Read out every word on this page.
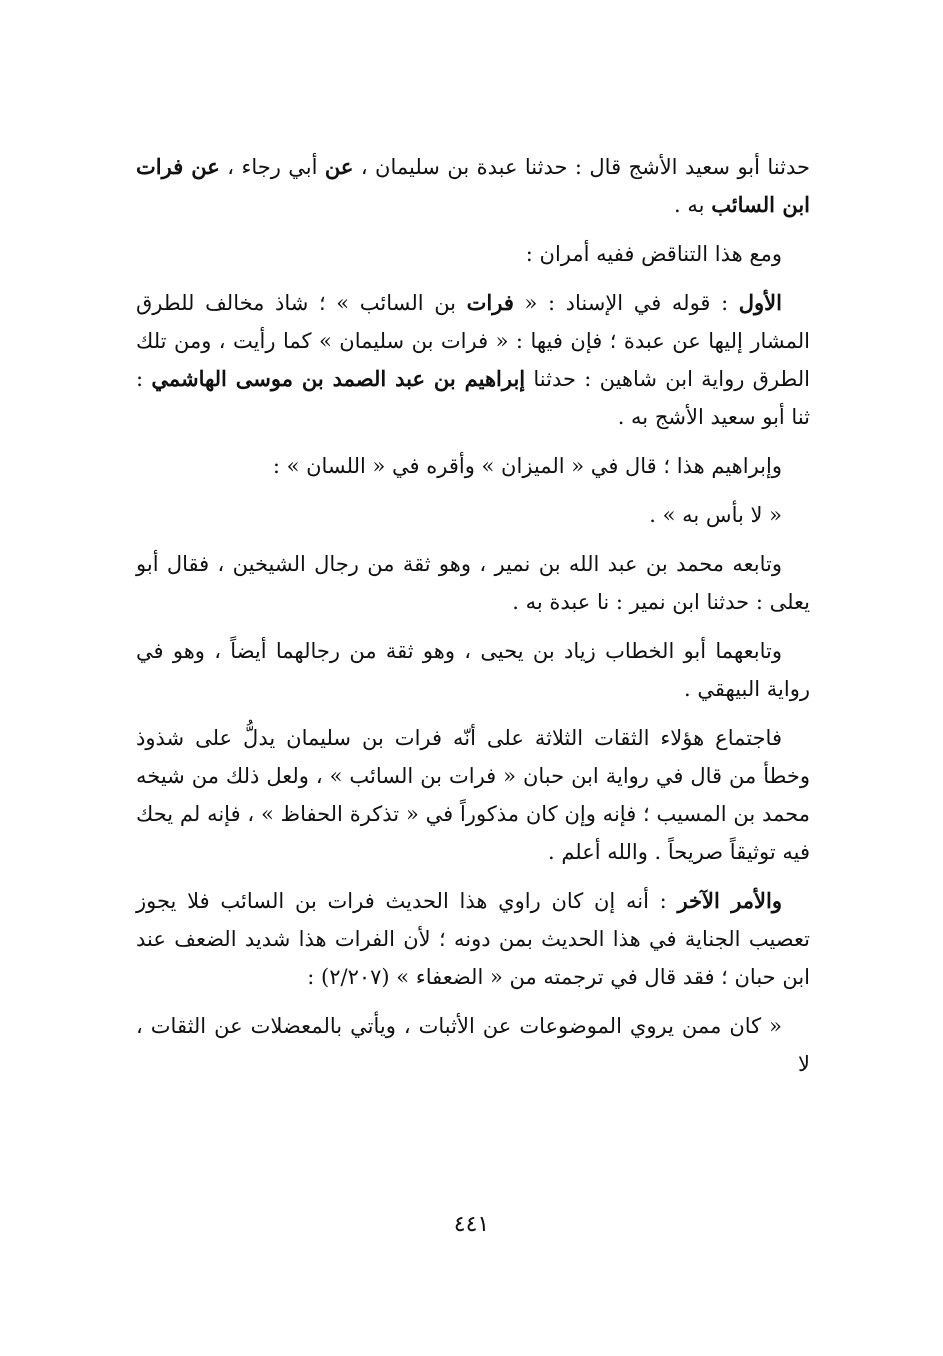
حدثنا أبو سعيد الأشج قال : حدثنا عبدة بن سليمان ، عن أبي رجاء ، عن فرات ابن السائب به .

ومع هذا التناقض ففيه أمران :

الأول : قوله في الإسناد : « فرات بن السائب » ؛ شاذ مخالف للطرق المشار إليها عن عبدة ؛ فإن فيها : « فرات بن سليمان » كما رأيت ، ومن تلك الطرق رواية ابن شاهين : حدثنا إبراهيم بن عبد الصمد بن موسى الهاشمي : ثنا أبو سعيد الأشج به .

وإبراهيم هذا ؛ قال في « الميزان » وأقره في « اللسان » :

« لا بأس به » .

وتابعه محمد بن عبد الله بن نمير ، وهو ثقة من رجال الشيخين ، فقال أبو يعلى : حدثنا ابن نمير : نا عبدة به .

وتابعهما أبو الخطاب زياد بن يحيى ، وهو ثقة من رجالهما أيضاً ، وهو في رواية البيهقي .

فاجتماع هؤلاء الثقات الثلاثة على أنّه فرات بن سليمان يدلُّ على شذوذ وخطأ من قال في رواية ابن حبان « فرات بن السائب » ، ولعل ذلك من شيخه محمد بن المسيب ؛ فإنه وإن كان مذكوراً في « تذكرة الحفاظ » ، فإنه لم يحك فيه توثيقاً صريحاً . والله أعلم .

والأمر الآخر : أنه إن كان راوي هذا الحديث فرات بن السائب فلا يجوز تعصيب الجناية في هذا الحديث بمن دونه ؛ لأن الفرات هذا شديد الضعف عند ابن حبان ؛ فقد قال في ترجمته من « الضعفاء » (٢/٢٠٧) :

« كان ممن يروي الموضوعات عن الأثبات ، ويأتي بالمعضلات عن الثقات ، لا

٤٤١
